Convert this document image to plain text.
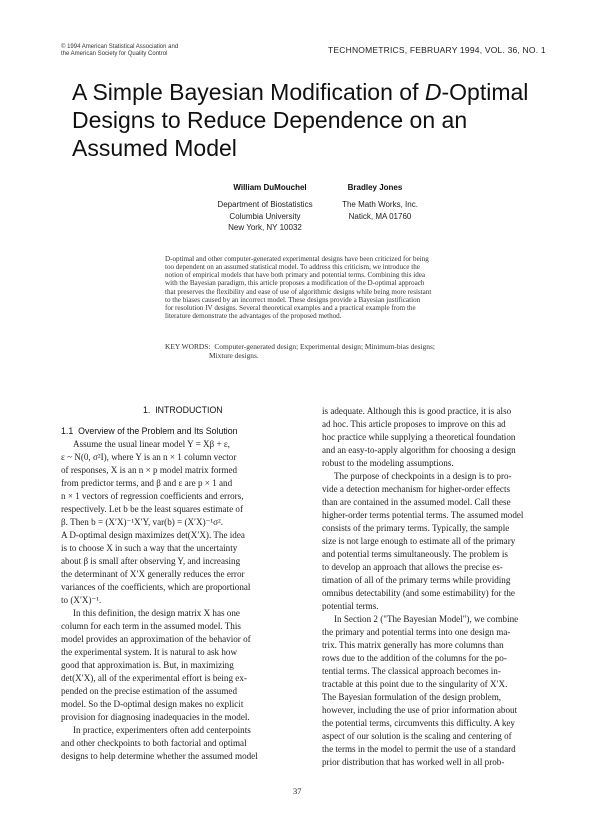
© 1994 American Statistical Association and
the American Society for Quality Control	TECHNOMETRICS, FEBRUARY 1994, VOL. 36, NO. 1
A Simple Bayesian Modification of D-Optimal
Designs to Reduce Dependence on an
Assumed Model
William DuMouchel	Bradley Jones
Department of Biostatistics
Columbia University
New York, NY 10032
The Math Works, Inc.
Natick, MA 01760
D-optimal and other computer-generated experimental designs have been criticized for being
too dependent on an assumed statistical model. To address this criticism, we introduce the
notion of empirical models that have both primary and potential terms. Combining this idea
with the Bayesian paradigm, this article proposes a modification of the D-optimal approach
that preserves the flexibility and ease of use of algorithmic designs while being more resistant
to the biases caused by an incorrect model. These designs provide a Bayesian justification
for resolution IV designs. Several theoretical examples and a practical example from the
literature demonstrate the advantages of the proposed method.
KEY WORDS: Computer-generated design; Experimental design; Minimum-bias designs;
Mixture designs.
1.  INTRODUCTION
1.1  Overview of the Problem and Its Solution
Assume the usual linear model Y = Xβ + ε,
ε ~ N(0, σ²I), where Y is an n × 1 column vector
of responses, X is an n × p model matrix formed
from predictor terms, and β and ε are p × 1 and
n × 1 vectors of regression coefficients and errors,
respectively. Let b be the least squares estimate of
β. Then b = (X′X)⁻¹X′Y, var(b) = (X′X)⁻¹σ².
A D-optimal design maximizes det(X′X). The idea
is to choose X in such a way that the uncertainty
about β is small after observing Y, and increasing
the determinant of X′X generally reduces the error
variances of the coefficients, which are proportional
to (X′X)⁻¹.
In this definition, the design matrix X has one
column for each term in the assumed model. This
model provides an approximation of the behavior of
the experimental system. It is natural to ask how
good that approximation is. But, in maximizing
det(X′X), all of the experimental effort is being ex-
pended on the precise estimation of the assumed
model. So the D-optimal design makes no explicit
provision for diagnosing inadequacies in the model.
In practice, experimenters often add centerpoints
and other checkpoints to both factorial and optimal
designs to help determine whether the assumed model
is adequate. Although this is good practice, it is also
ad hoc. This article proposes to improve on this ad
hoc practice while supplying a theoretical foundation
and an easy-to-apply algorithm for choosing a design
robust to the modeling assumptions.
The purpose of checkpoints in a design is to pro-
vide a detection mechanism for higher-order effects
than are contained in the assumed model. Call these
higher-order terms potential terms. The assumed model
consists of the primary terms. Typically, the sample
size is not large enough to estimate all of the primary
and potential terms simultaneously. The problem is
to develop an approach that allows the precise es-
timation of all of the primary terms while providing
omnibus detectability (and some estimability) for the
potential terms.
In Section 2 ("The Bayesian Model"), we combine
the primary and potential terms into one design ma-
trix. This matrix generally has more columns than
rows due to the addition of the columns for the po-
tential terms. The classical approach becomes in-
tractable at this point due to the singularity of X′X.
The Bayesian formulation of the design problem,
however, including the use of prior information about
the potential terms, circumvents this difficulty. A key
aspect of our solution is the scaling and centering of
the terms in the model to permit the use of a standard
prior distribution that has worked well in all prob-
37
